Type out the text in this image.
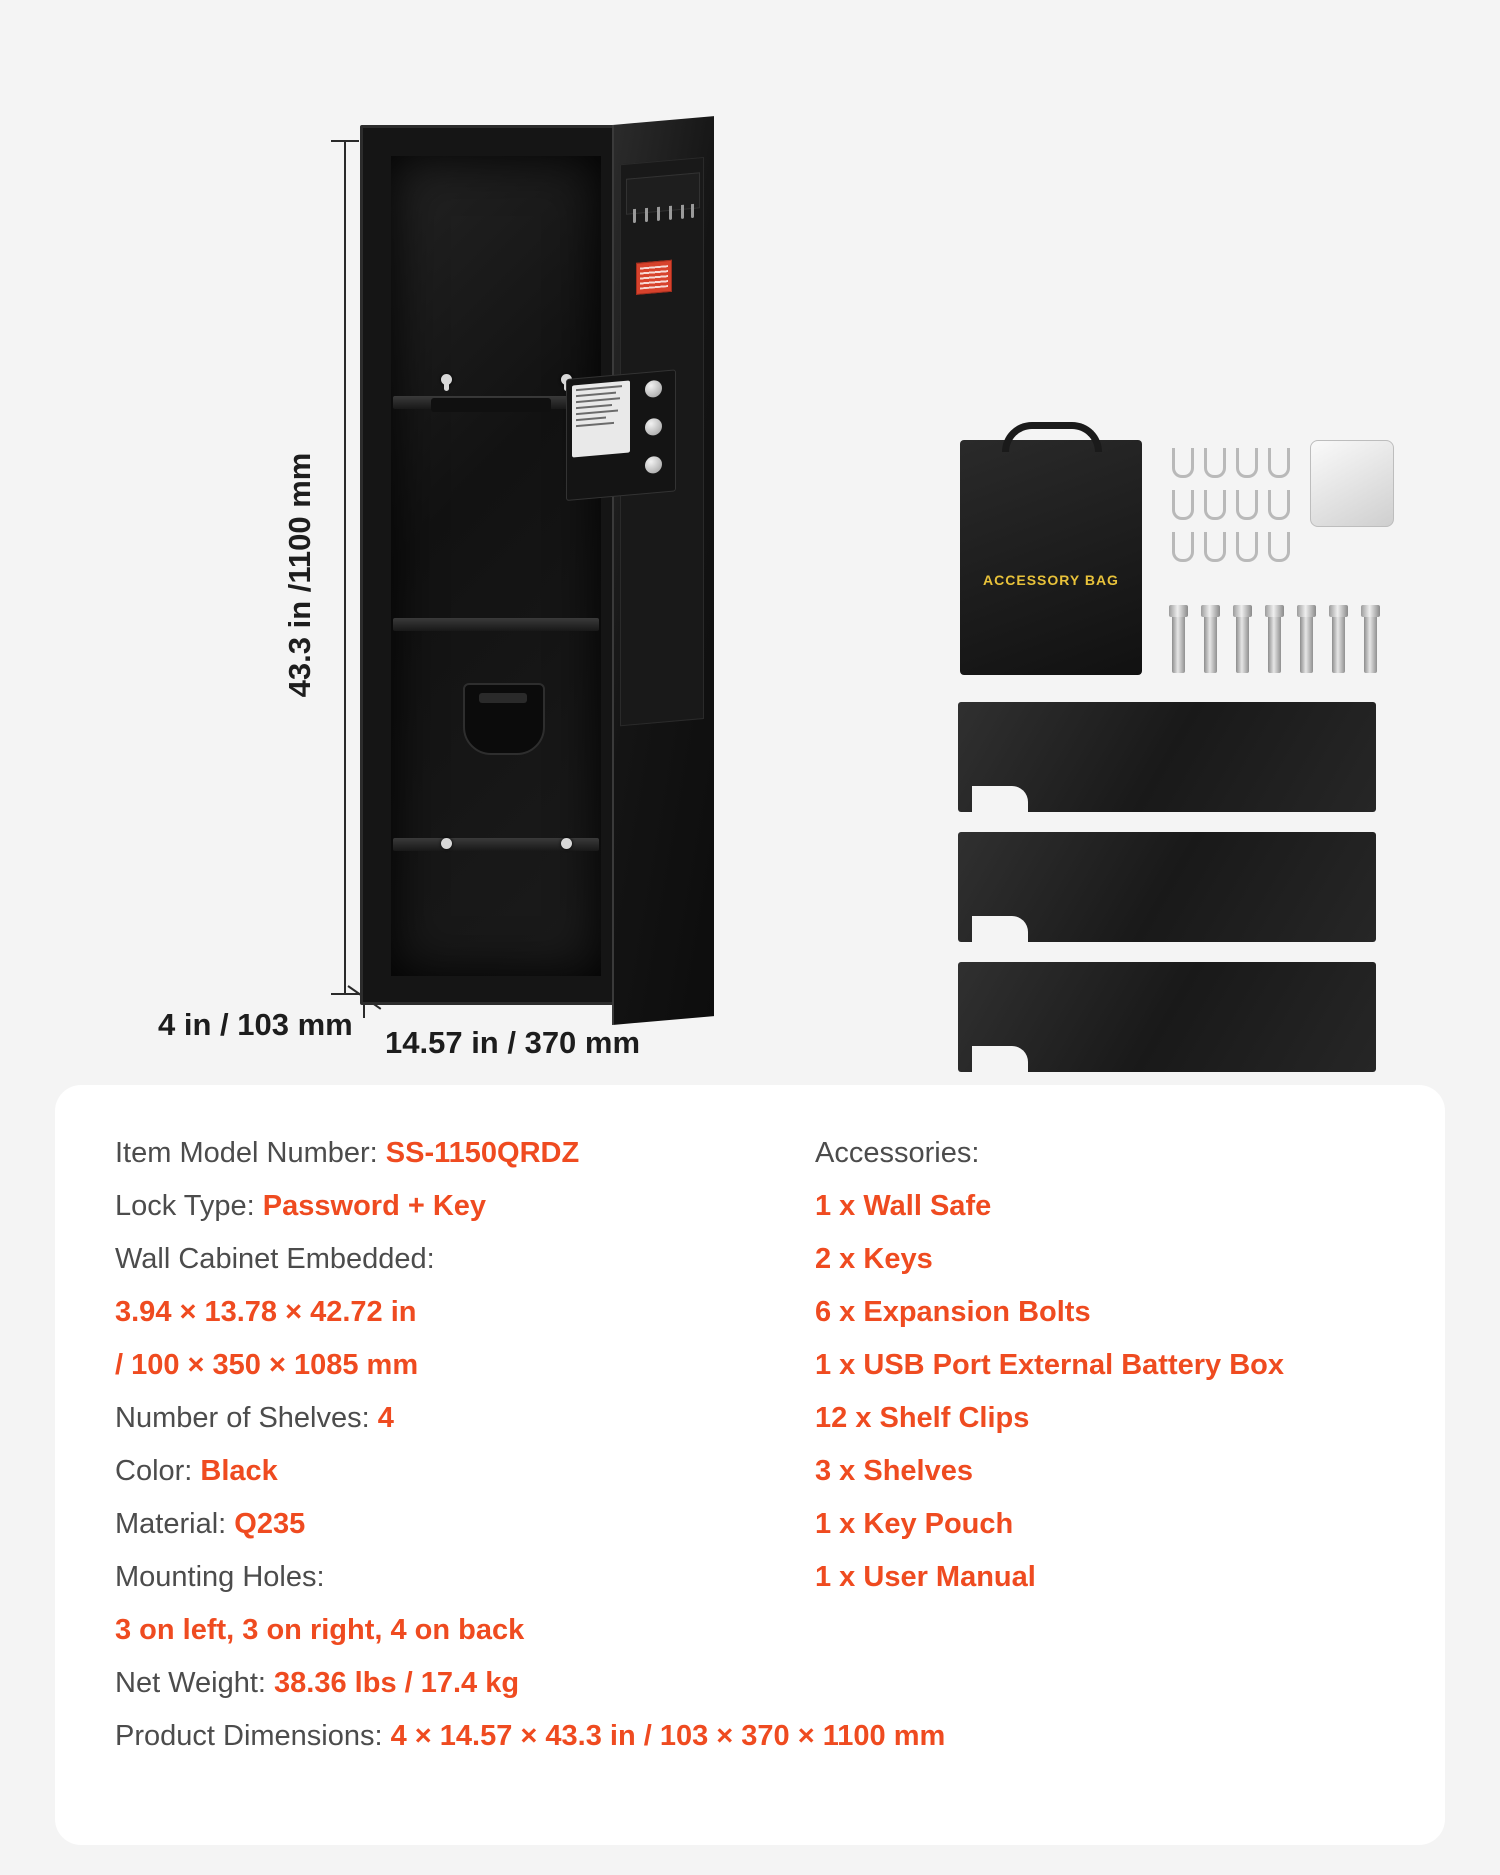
43.3 in /1100 mm
14.57 in / 370 mm
4 in / 103 mm
ACCESSORY BAG
Item Model Number: SS-1150QRDZ
Lock Type: Password + Key
Wall Cabinet Embedded:
3.94 × 13.78 × 42.72 in
/ 100 × 350 × 1085 mm
Number of Shelves: 4
Color: Black
Material: Q235
Mounting Holes:
3 on left, 3 on right, 4 on back
Net Weight: 38.36 lbs / 17.4 kg
Product Dimensions: 4 × 14.57 × 43.3 in / 103 × 370 × 1100 mm
Accessories:
1 x Wall Safe
2 x Keys
6 x Expansion Bolts
1 x USB Port External Battery Box
12 x Shelf Clips
3 x Shelves
1 x Key Pouch
1 x User Manual
